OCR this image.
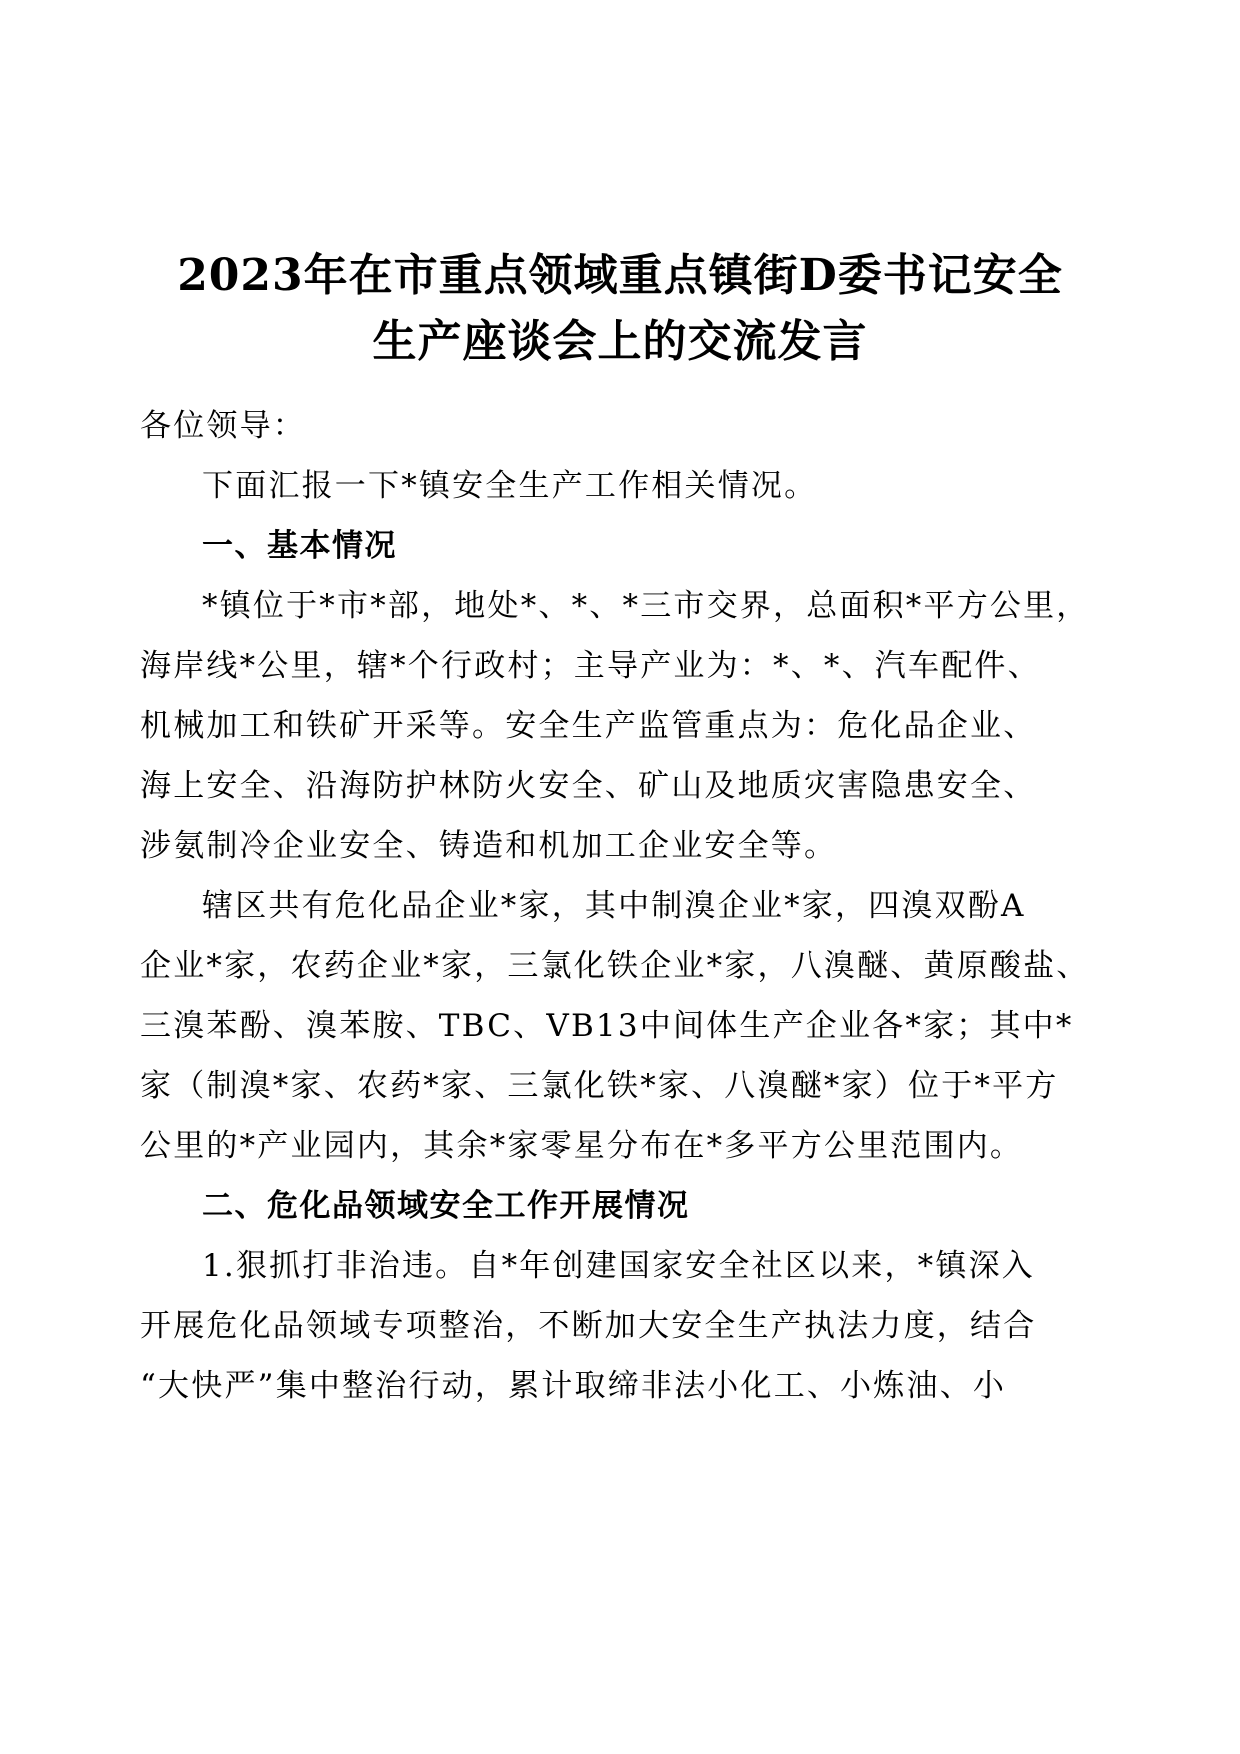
2023年在市重点领域重点镇街D委书记安全
生产座谈会上的交流发言
各位领导：
下面汇报一下*镇安全生产工作相关情况。
一、基本情况
*镇位于*市*部，地处*、*、*三市交界，总面积*平方公里，
海岸线*公里，辖*个行政村；主导产业为：*、*、汽车配件、
机械加工和铁矿开采等。安全生产监管重点为：危化品企业、
海上安全、沿海防护林防火安全、矿山及地质灾害隐患安全、
涉氨制冷企业安全、铸造和机加工企业安全等。
辖区共有危化品企业*家，其中制溴企业*家，四溴双酚A
企业*家，农药企业*家，三氯化铁企业*家，八溴醚、黄原酸盐、
三溴苯酚、溴苯胺、TBC、VB13中间体生产企业各*家；其中*
家（制溴*家、农药*家、三氯化铁*家、八溴醚*家）位于*平方
公里的*产业园内，其余*家零星分布在*多平方公里范围内。
二、危化品领域安全工作开展情况
1.狠抓打非治违。自*年创建国家安全社区以来，*镇深入
开展危化品领域专项整治，不断加大安全生产执法力度，结合
“大快严”集中整治行动，累计取缔非法小化工、小炼油、小
